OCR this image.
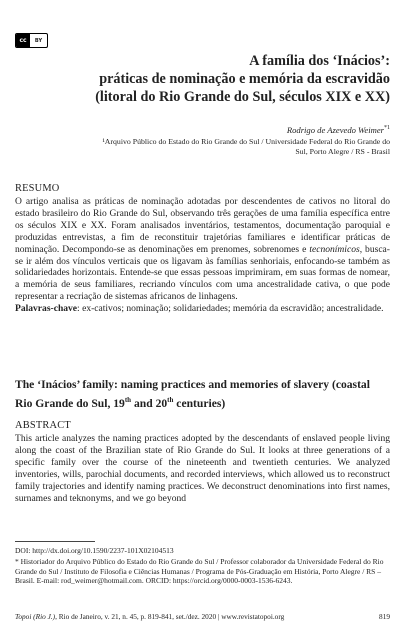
cc	BY
A família dos ‘Inácios’:
práticas de nominação e memória da escravidão
(litoral do Rio Grande do Sul, séculos XIX e XX)
Rodrigo de Azevedo Weimer$^{*1}$
¹Arquivo Público do Estado do Rio Grande do Sul / Universidade Federal do Rio Grande do Sul, Porto Alegre / RS - Brasil
RESUMO

O artigo analisa as práticas de nominação adotadas por descendentes de cativos no litoral do estado brasileiro do Rio Grande do Sul, observando três gerações de uma família específica entre os séculos XIX e XX. Foram analisados inventários, testamentos, documentação paroquial e produzidas entrevistas, a fim de reconstituir trajetórias familiares e identificar práticas de nominação. Decompondo-se as denominações em prenomes, sobrenomes e tecnonímicos, busca-se ir além dos vínculos verticais que os ligavam às famílias senhoriais, enfocando-se também as solidariedades horizontais. Entende-se que essas pessoas imprimiram, em suas formas de nomear, a memória de seus familiares, recriando vínculos com uma ancestralidade cativa, o que pode representar a recriação de sistemas africanos de linhagens.

Palavras-chave: ex-cativos; nominação; solidariedades; memória da escravidão; ancestralidade.

The ‘Inácios’ family: naming practices and memories of slavery (coastal Rio Grande do Sul, 19th and 20th centuries)
ABSTRACT
This article analyzes the naming practices adopted by the descendants of enslaved people living along the coast of the Brazilian state of Rio Grande do Sul. It looks at three generations of a specific family over the course of the nineteenth and twentieth centuries. We analyzed inventories, wills, parochial documents, and recorded interviews, which allowed us to reconstruct family trajectories and identify naming practices. We deconstruct denominations into first names, surnames and teknonyms, and we go beyond
DOI: http://dx.doi.org/10.1590/2237-101X02104513
* Historiador do Arquivo Público do Estado do Rio Grande do Sul / Professor colaborador da Universidade Federal do Rio Grande do Sul / Instituto de Filosofia e Ciências Humanas / Programa de Pós-Graduação em História, Porto Alegre / RS – Brasil. E-mail: rod_weimer@hotmail.com. ORCID: https://orcid.org/0000-0003-1536-6243.
Topoi (Rio J.), Rio de Janeiro, v. 21, n. 45, p. 819-841, set./dez. 2020 | www.revistatopoi.org	819
